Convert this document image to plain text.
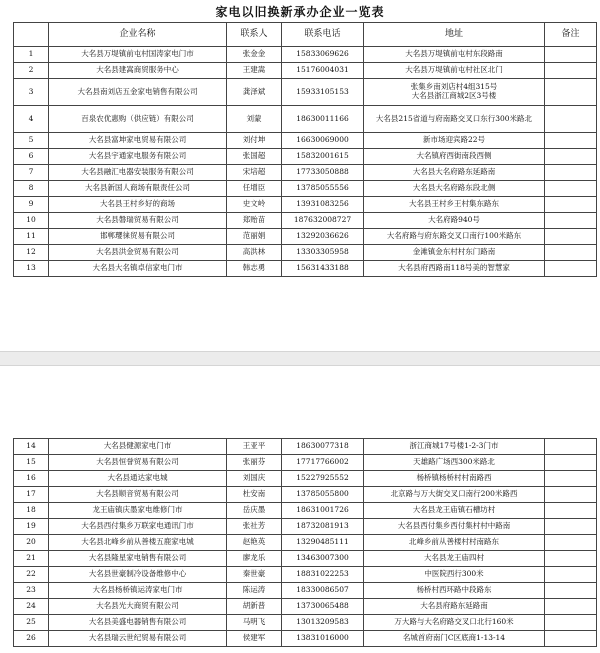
家电以旧换新承办企业一览表
	企业名称	联系人	联系电话	地址	备注
1	大名县万堤镇前屯村国涛家电门市	张金金	15833069626	大名县万堤镇前屯村东段路南	
2	大名县建嵩商贸服务中心	王建嵩	15176004031	大名县万堤镇前屯村社区北门	
3	大名县南刘店五金家电销售有限公司	龚泽斌	15933105153	张集乡南刘店村4组315号
大名县浙江商城2区3号楼	
4	百泉农优惠购（供应链）有限公司	刘蒙	18630011166	大名县215省道与府南路交叉口东行300米路北	
5	大名县富坤家电贸易有限公司	刘付坤	16630069000	新市场迎宾路22号	
6	大名县宇通家电服务有限公司	张国超	15832001615	大名镇府西街南段西侧	
7	大名县融汇电器安装服务有限公司	宋培超	17733050888	大名县大名府路东延路南	
8	大名县新国人商场有限责任公司	任增臣	13785055556	大名县大名府路东段北侧	
9	大名县王村乡好的商场	史文岭	13931083256	大名县王村乡王村集东路东	
10	大名县磐瑞贸易有限公司	郑贻苗	187632008727	大名府路940号	
11	邯郸璎徕贸易有限公司	范丽娟	13292036626	大名府路与府东路交叉口南行100米路东	
12	大名县洪金贸易有限公司	高洪林	13303305958	金滩镇金东村村东门路南	
13	大名县大名镇卓信家电门市	韩志勇	15631433188	大名县府西路南118号美的智慧家	
14	大名县健源家电门市	王亚平	18630077318	浙江商城17号楼1-2-3门市	
15	大名县恒誉贸易有限公司	张丽芬	17717766002	天雄路广场西300米路北	
16	大名县通达家电城	刘国庆	15227925552	杨桥镇杨桥村村南路西	
17	大名县顺音贸易有限公司	杜安南	13785055800	北京路与万大街交叉口南行200米路西	
18	龙王庙镇庆墨家电维修门市	岳庆墨	18631001726	大名县龙王庙镇石槽坊村	
19	大名县西付集乡万联家电通讯门市	张社芳	18732081913	大名县西付集乡西付集村村中路南	
20	大名县北峰乡前从善楼五鹿家电城	赵艳英	13290485111	北峰乡前从善楼村村南路东	
21	大名县隆星家电销售有限公司	廖龙乐	13463007300	大名县龙王庙四村	
22	大名县世豪制冷设备维修中心	秦世豪	18831022253	中医院西行300米	
23	大名县杨桥镇运涛家电门市	陈运涛	18330086507	杨桥村西环路中段路东	
24	大名县光大商贸有限公司	胡新普	13730065488	大名县府路东延路南	
25	大名县美盛电器销售有限公司	马明飞	13013209583	万大路与大名府路交叉口北行160米	
26	大名县瑞云世纪贸易有限公司	侯建军	13831016000	名城首府南门C区底商1-13-14	
